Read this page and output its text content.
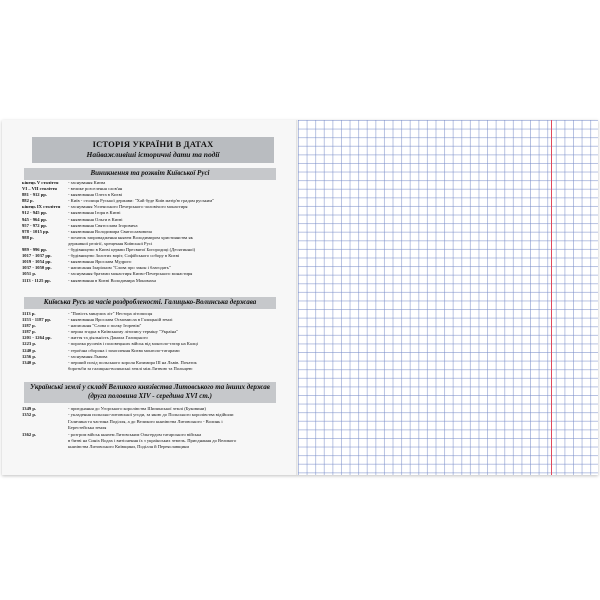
ІСТОРІЯ УКРАЇНИ В ДАТАХ
Найважливіші історичні дати та події
Виникнення та розквіт Київської Русі
кінець V століття	- заснування Києва
VI – VII століття	- велике розселення слов'ян
881 - 912 рр.	- князювання Олега в Києві
882 р.	- Київ - столиця Руської держави: "Хай буде Київ матір'ю градам руським"
кінець IX століття	- заснування Успенського Печерського чоловічого монастиря
912 - 945 рр.	- князювання Ігоря в Києві
945 - 964 рр.	- князювання Ольги в Києві
957 - 972 рр.	- князювання Святослава Ігоровича
978 - 1015 рр.	- князювання Володимира Святославовича
988 р.	- початок запровадження князем Володимиром християнства як
державної релігії, хрещення Київської Русі
989 - 996 рр.	- будівництво в Києві церкви Пресвятої Богородиці (Десятинної)
1017 - 1037 рр.	- будівництво Золотих воріт, Софійського собору в Києві
1019 - 1054 рр.	- князювання Ярослава Мудрого
1037 - 1050 рр.	- написання Іларіоном "Слова про закон і благодать"
1051 р.	- заснування братами монастиря Києво-Печерського монастиря
1113 - 1125 рр.	- князювання в Києві Володимира Мономаха
Київська Русь за часів роздробленості. Галицько-Волинська держава
1113 р.	- "Повість минулих літ" Нестора літописця
1153 - 1187 рр.	- князювання Ярослава Осмомисла в Галицькій землі
1187 р.	- написання "Слова о полку Ігоревім"
1187 р.	- перша згадка в Київському літопису терміну "Україна"
1201 - 1264 рр.	- життя та діяльність Данила Галицького
1223 р.	- поразка русичів і половецьких військ від монголо-татар на Калці
1240 р.	- героїчна оборона і захоплення Києва монголо-татарами
1256 р.	- заснування Львова
1340 р.	- перший похід польського короля Казимира III на Львів. Початок
боротьби за галицько-волинські землі між Литвою та Польщею
Українські землі у складі Великого князівства Литовського та інших держав (друга половина XIV - середина XVI ст.)
1349 р.	- приєднання до Угорського королівства Шипинської землі (Буковини)
1352 р.	- укладення польсько-литовської угоди, за якою до Польського королівства відійшли
Галичина та частина Поділля, а до Великого князівства Литовського - Волинь і
Берестейська земля
1362 р.	- розгром військ князем Литовським Ольгердом татарського війська
в битві на Синіх Водах і витіснення їх з українських земель. Приєднання до Великого
князівства Литовського Київщини, Поділля й Переяславщини
